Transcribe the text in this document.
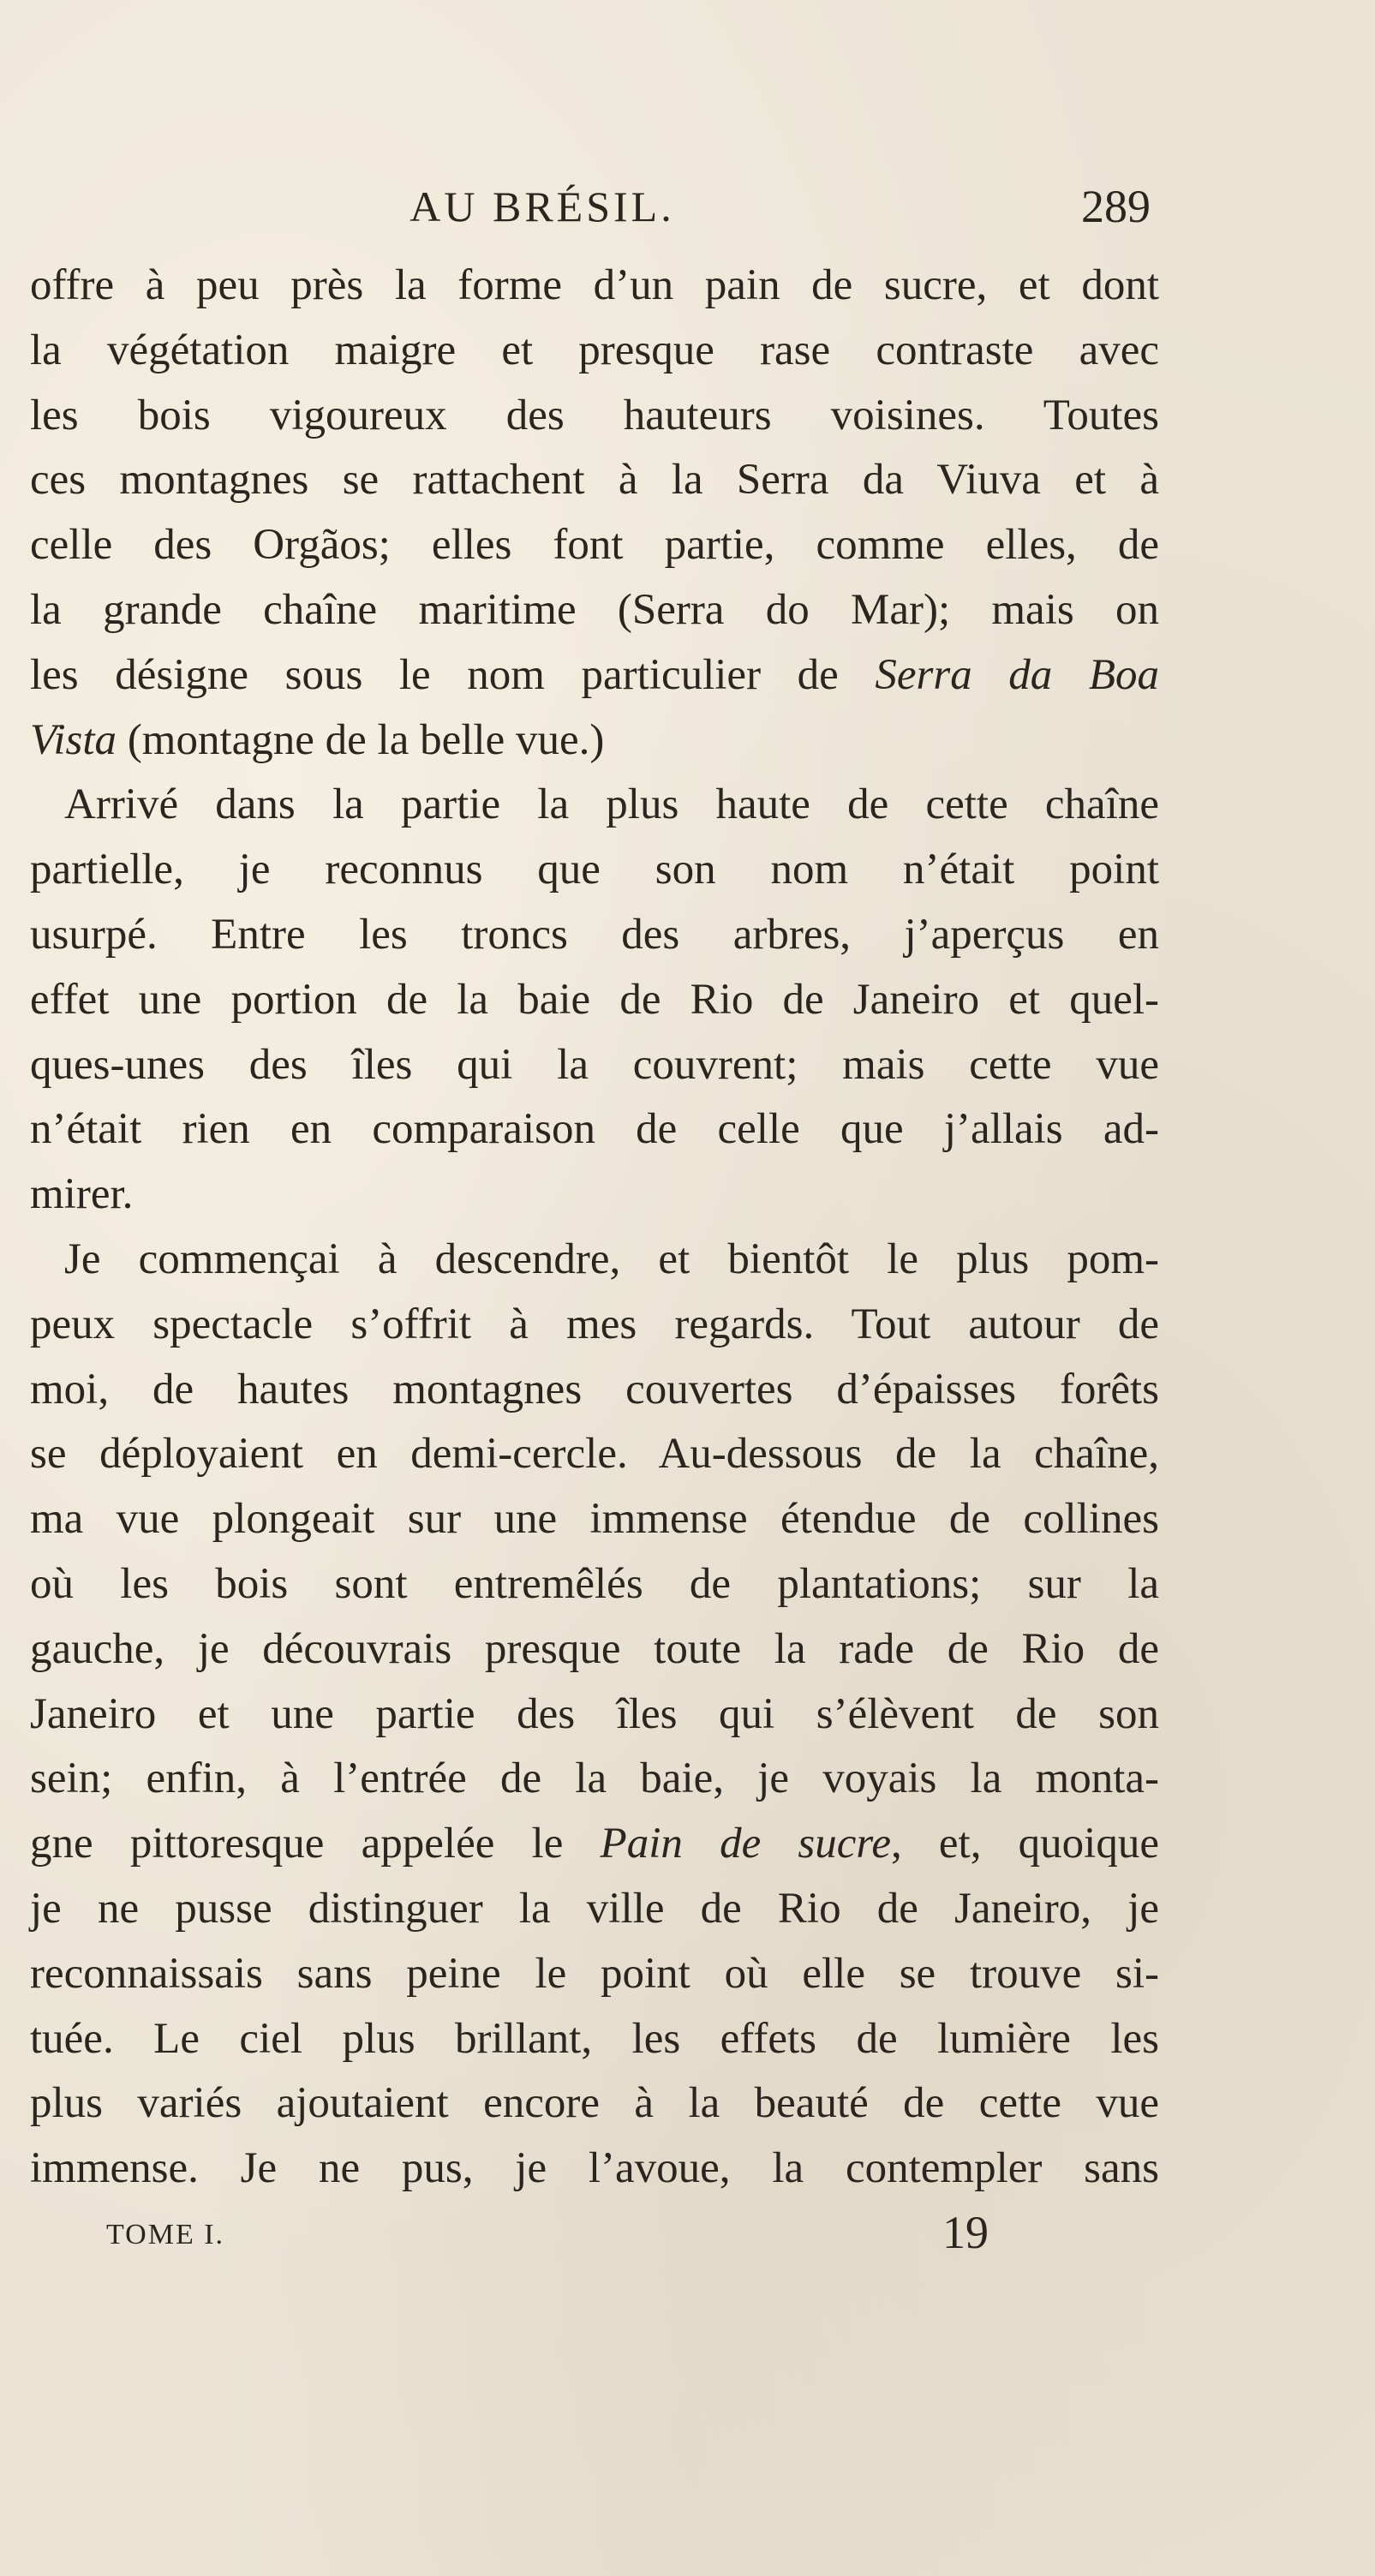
AU BRÉSIL.	289
offre à peu près la forme d’un pain de sucre, et dont
la végétation maigre et presque rase contraste avec
les bois vigoureux des hauteurs voisines. Toutes
ces montagnes se rattachent à la Serra da Viuva et à
celle des Orgãos; elles font partie, comme elles, de
la grande chaîne maritime (Serra do Mar); mais on
les désigne sous le nom particulier de Serra da Boa
Vista (montagne de la belle vue.)
Arrivé dans la partie la plus haute de cette chaîne
partielle, je reconnus que son nom n’était point
usurpé. Entre les troncs des arbres, j’aperçus en
effet une portion de la baie de Rio de Janeiro et quel-
ques-unes des îles qui la couvrent; mais cette vue
n’était rien en comparaison de celle que j’allais ad-
mirer.
Je commençai à descendre, et bientôt le plus pom-
peux spectacle s’offrit à mes regards. Tout autour de
moi, de hautes montagnes couvertes d’épaisses forêts
se déployaient en demi-cercle. Au-dessous de la chaîne,
ma vue plongeait sur une immense étendue de collines
où les bois sont entremêlés de plantations; sur la
gauche, je découvrais presque toute la rade de Rio de
Janeiro et une partie des îles qui s’élèvent de son
sein; enfin, à l’entrée de la baie, je voyais la monta-
gne pittoresque appelée le Pain de sucre, et, quoique
je ne pusse distinguer la ville de Rio de Janeiro, je
reconnaissais sans peine le point où elle se trouve si-
tuée. Le ciel plus brillant, les effets de lumière les
plus variés ajoutaient encore à la beauté de cette vue
immense. Je ne pus, je l’avoue, la contempler sans
TOME I.	19
